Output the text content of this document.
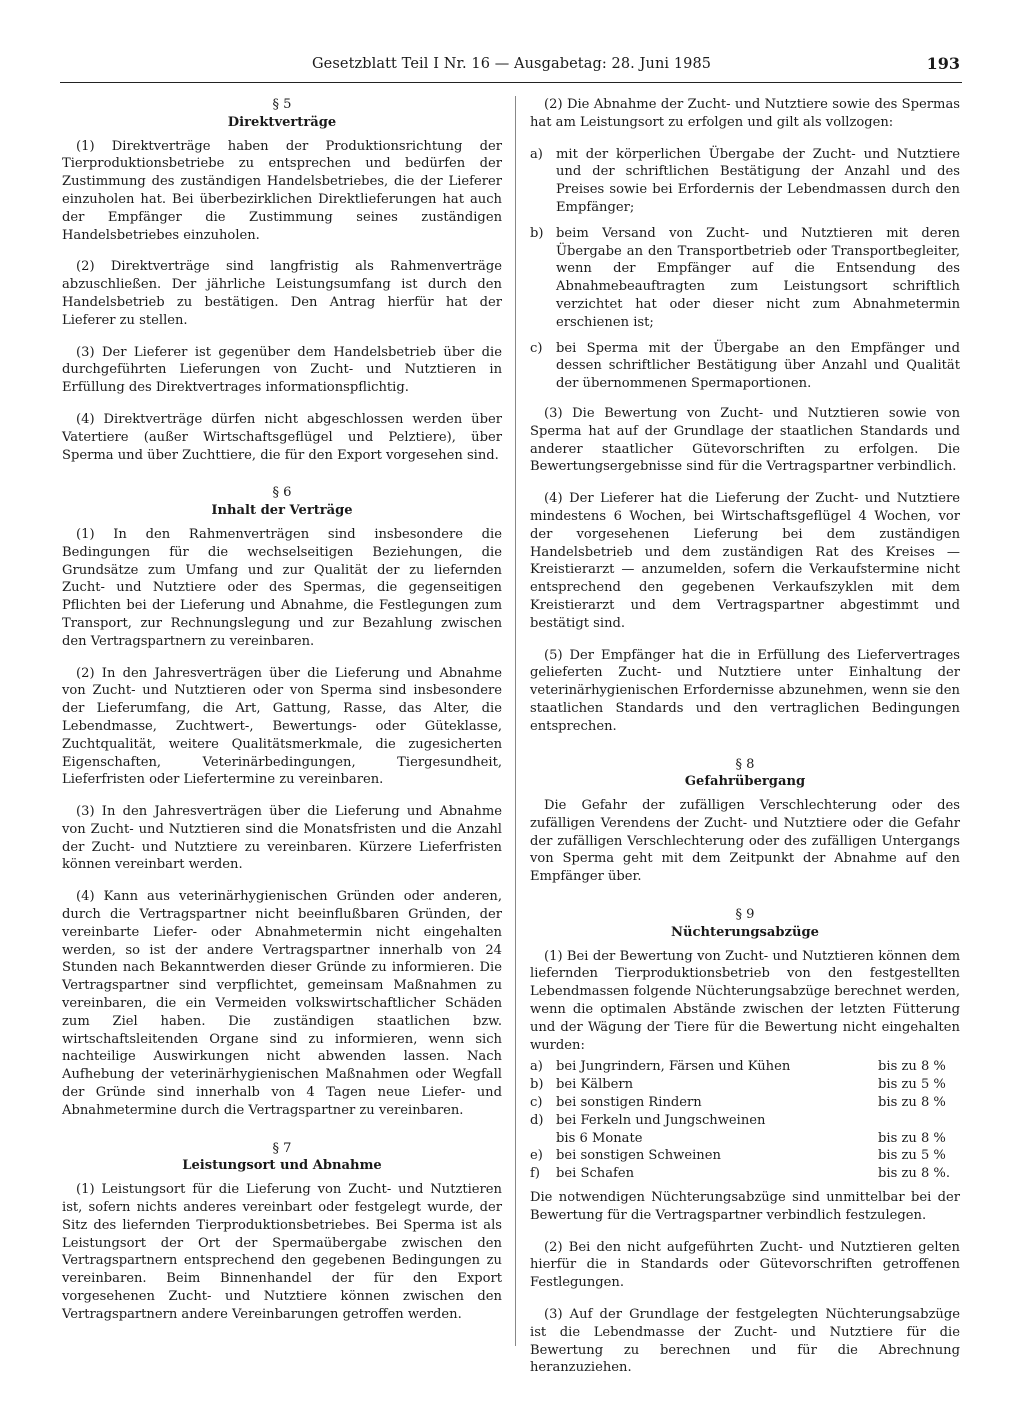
Gesetzblatt Teil I Nr. 16 — Ausgabetag: 28. Juni 1985	193
§ 5
Direktverträge

(1) Direktverträge haben der Produktionsrichtung der Tierproduktionsbetriebe zu entsprechen und bedürfen der Zustimmung des zuständigen Handelsbetriebes, die der Lieferer einzuholen hat. Bei überbezirklichen Direktlieferungen hat auch der Empfänger die Zustimmung seines zuständigen Handelsbetriebes einzuholen.

(2) Direktverträge sind langfristig als Rahmenverträge abzuschließen. Der jährliche Leistungsumfang ist durch den Handelsbetrieb zu bestätigen. Den Antrag hierfür hat der Lieferer zu stellen.

(3) Der Lieferer ist gegenüber dem Handelsbetrieb über die durchgeführten Lieferungen von Zucht- und Nutztieren in Erfüllung des Direktvertrages informationspflichtig.

(4) Direktverträge dürfen nicht abgeschlossen werden über Vatertiere (außer Wirtschaftsgeflügel und Pelztiere), über Sperma und über Zuchttiere, die für den Export vorgesehen sind.

§ 6
Inhalt der Verträge

(1) In den Rahmenverträgen sind insbesondere die Bedingungen für die wechselseitigen Beziehungen, die Grundsätze zum Umfang und zur Qualität der zu liefernden Zucht- und Nutztiere oder des Spermas, die gegenseitigen Pflichten bei der Lieferung und Abnahme, die Festlegungen zum Transport, zur Rechnungslegung und zur Bezahlung zwischen den Vertragspartnern zu vereinbaren.

(2) In den Jahresverträgen über die Lieferung und Abnahme von Zucht- und Nutztieren oder von Sperma sind insbesondere der Lieferumfang, die Art, Gattung, Rasse, das Alter, die Lebendmasse, Zuchtwert-, Bewertungs- oder Güteklasse, Zuchtqualität, weitere Qualitätsmerkmale, die zugesicherten Eigenschaften, Veterinärbedingungen, Tiergesundheit, Lieferfristen oder Liefertermine zu vereinbaren.

(3) In den Jahresverträgen über die Lieferung und Abnahme von Zucht- und Nutztieren sind die Monatsfristen und die Anzahl der Zucht- und Nutztiere zu vereinbaren. Kürzere Lieferfristen können vereinbart werden.

(4) Kann aus veterinärhygienischen Gründen oder anderen, durch die Vertragspartner nicht beeinflußbaren Gründen, der vereinbarte Liefer- oder Abnahmetermin nicht eingehalten werden, so ist der andere Vertragspartner innerhalb von 24 Stunden nach Bekanntwerden dieser Gründe zu informieren. Die Vertragspartner sind verpflichtet, gemeinsam Maßnahmen zu vereinbaren, die ein Vermeiden volkswirtschaftlicher Schäden zum Ziel haben. Die zuständigen staatlichen bzw. wirtschaftsleitenden Organe sind zu informieren, wenn sich nachteilige Auswirkungen nicht abwenden lassen. Nach Aufhebung der veterinärhygienischen Maßnahmen oder Wegfall der Gründe sind innerhalb von 4 Tagen neue Liefer- und Abnahmetermine durch die Vertragspartner zu vereinbaren.

§ 7
Leistungsort und Abnahme

(1) Leistungsort für die Lieferung von Zucht- und Nutztieren ist, sofern nichts anderes vereinbart oder festgelegt wurde, der Sitz des liefernden Tierproduktionsbetriebes. Bei Sperma ist als Leistungsort der Ort der Spermaübergabe zwischen den Vertragspartnern entsprechend den gegebenen Bedingungen zu vereinbaren. Beim Binnenhandel der für den Export vorgesehenen Zucht- und Nutztiere können zwischen den Vertragspartnern andere Vereinbarungen getroffen werden.

(2) Die Abnahme der Zucht- und Nutztiere sowie des Spermas hat am Leistungsort zu erfolgen und gilt als vollzogen:

a) mit der körperlichen Übergabe der Zucht- und Nutztiere und der schriftlichen Bestätigung der Anzahl und des Preises sowie bei Erfordernis der Lebendmassen durch den Empfänger;
b) beim Versand von Zucht- und Nutztieren mit deren Übergabe an den Transportbetrieb oder Transportbegleiter, wenn der Empfänger auf die Entsendung des Abnahmebeauftragten zum Leistungsort schriftlich verzichtet hat oder dieser nicht zum Abnahmetermin erschienen ist;
c)	bei Sperma mit der Übergabe an den Empfänger und dessen schriftlicher Bestätigung über Anzahl und Qualität der übernommenen Spermaportionen.

(3) Die Bewertung von Zucht- und Nutztieren sowie von Sperma hat auf der Grundlage der staatlichen Standards und anderer staatlicher Gütevorschriften zu erfolgen. Die Bewertungsergebnisse sind für die Vertragspartner verbindlich.

(4) Der Lieferer hat die Lieferung der Zucht- und Nutztiere mindestens 6 Wochen, bei Wirtschaftsgeflügel 4 Wochen, vor der vorgesehenen Lieferung bei dem zuständigen Handelsbetrieb und dem zuständigen Rat des Kreises — Kreistierarzt — anzumelden, sofern die Verkaufstermine nicht entsprechend den gegebenen Verkaufszyklen mit dem Kreistierarzt und dem Vertragspartner abgestimmt und bestätigt sind.

(5) Der Empfänger hat die in Erfüllung des Liefervertrages gelieferten Zucht- und Nutztiere unter Einhaltung der veterinärhygienischen Erfordernisse abzunehmen, wenn sie den staatlichen Standards und den vertraglichen Bedingungen entsprechen.

§ 8
Gefahrübergang

Die Gefahr der zufälligen Verschlechterung oder des zufälligen Verendens der Zucht- und Nutztiere oder die Gefahr der zufälligen Verschlechterung oder des zufälligen Untergangs von Sperma geht mit dem Zeitpunkt der Abnahme auf den Empfänger über.

§ 9
Nüchterungsabzüge

(1) Bei der Bewertung von Zucht- und Nutztieren können dem liefernden Tierproduktionsbetrieb von den festgestellten Lebendmassen folgende Nüchterungsabzüge berechnet werden, wenn die optimalen Abstände zwischen der letzten Fütterung und der Wägung der Tiere für die Bewertung nicht eingehalten wurden:

a) bei Jungrindern, Färsen und Kühen	bis zu 8 %
b) bei Kälbern	bis zu 5 %
c)	bei sonstigen Rindern	bis zu 8 %
d) bei Ferkeln und Jungschweinen
bis 6 Monate	bis zu 8 %
e)	bei sonstigen Schweinen	bis zu 5 %
f)	bei Schafen	bis zu 8 %.

Die notwendigen Nüchterungsabzüge sind unmittelbar bei der Bewertung für die Vertragspartner verbindlich festzulegen.

(2) Bei den nicht aufgeführten Zucht- und Nutztieren gelten hierfür die in Standards oder Gütevorschriften getroffenen Festlegungen.

(3) Auf der Grundlage der festgelegten Nüchterungsabzüge ist die Lebendmasse der Zucht- und Nutztiere für die Bewertung zu berechnen und für die Abrechnung heranzuziehen.
